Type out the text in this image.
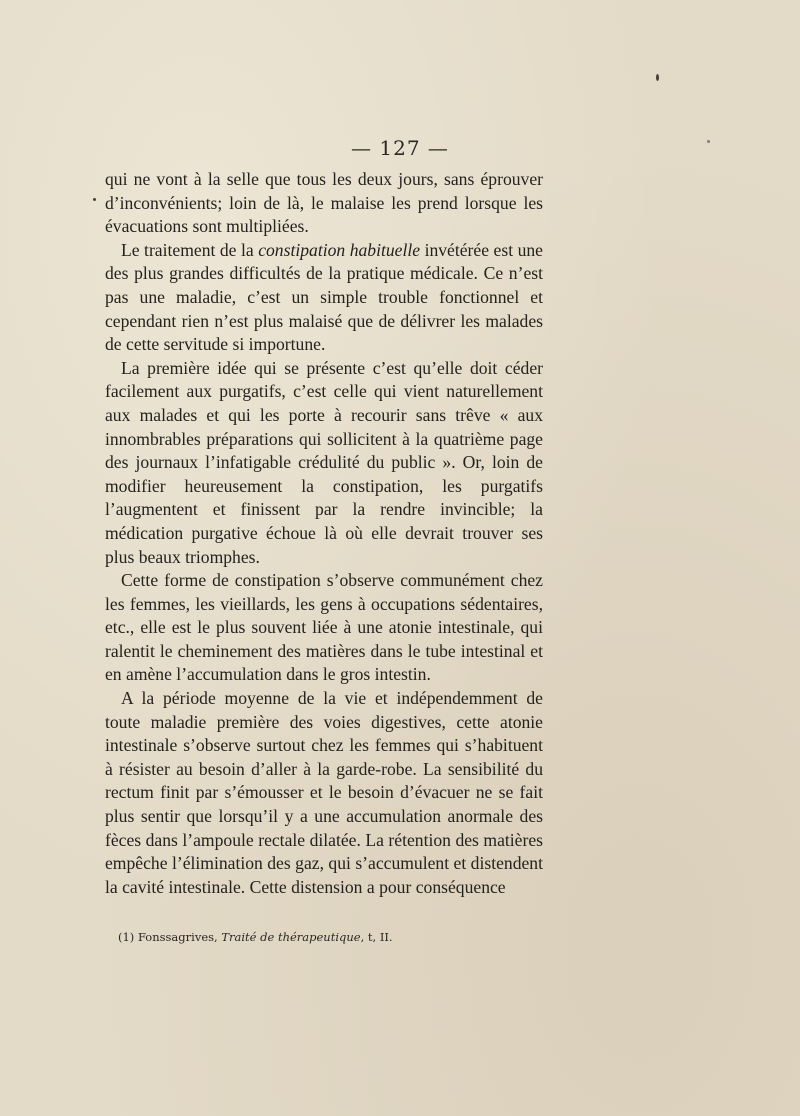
— 127 —

qui ne vont à la selle que tous les deux jours, sans éprouver d’inconvénients; loin de là, le malaise les prend lorsque les évacuations sont multipliées.

Le traitement de la constipation habituelle invétérée est une des plus grandes difficultés de la pratique médicale. Ce n’est pas une maladie, c’est un simple trouble fonctionnel et cependant rien n’est plus malaisé que de délivrer les malades de cette servitude si importune.

La première idée qui se présente c’est qu’elle doit céder facilement aux purgatifs, c’est celle qui vient naturellement aux malades et qui les porte à recourir sans trêve « aux innombrables préparations qui sollicitent à la quatrième page des journaux l’infatigable crédulité du public ». Or, loin de modifier heureusement la constipation, les purgatifs l’augmentent et finissent par la rendre invincible; la médication purgative échoue là où elle devrait trouver ses plus beaux triomphes.

Cette forme de constipation s’observe communément chez les femmes, les vieillards, les gens à occupations sédentaires, etc., elle est le plus souvent liée à une atonie intestinale, qui ralentit le cheminement des matières dans le tube intestinal et en amène l’accumulation dans le gros intestin.

A la période moyenne de la vie et indépendemment de toute maladie première des voies digestives, cette atonie intestinale s’observe surtout chez les femmes qui s’habituent à résister au besoin d’aller à la garde-robe. La sensibilité du rectum finit par s’émousser et le besoin d’évacuer ne se fait plus sentir que lorsqu’il y a une accumulation anormale des fèces dans l’ampoule rectale dilatée. La rétention des matières empêche l’élimination des gaz, qui s’accumulent et distendent la cavité intestinale. Cette distension a pour conséquence

(1) Fonssagrives, Traité de thérapeutique, t, II.
